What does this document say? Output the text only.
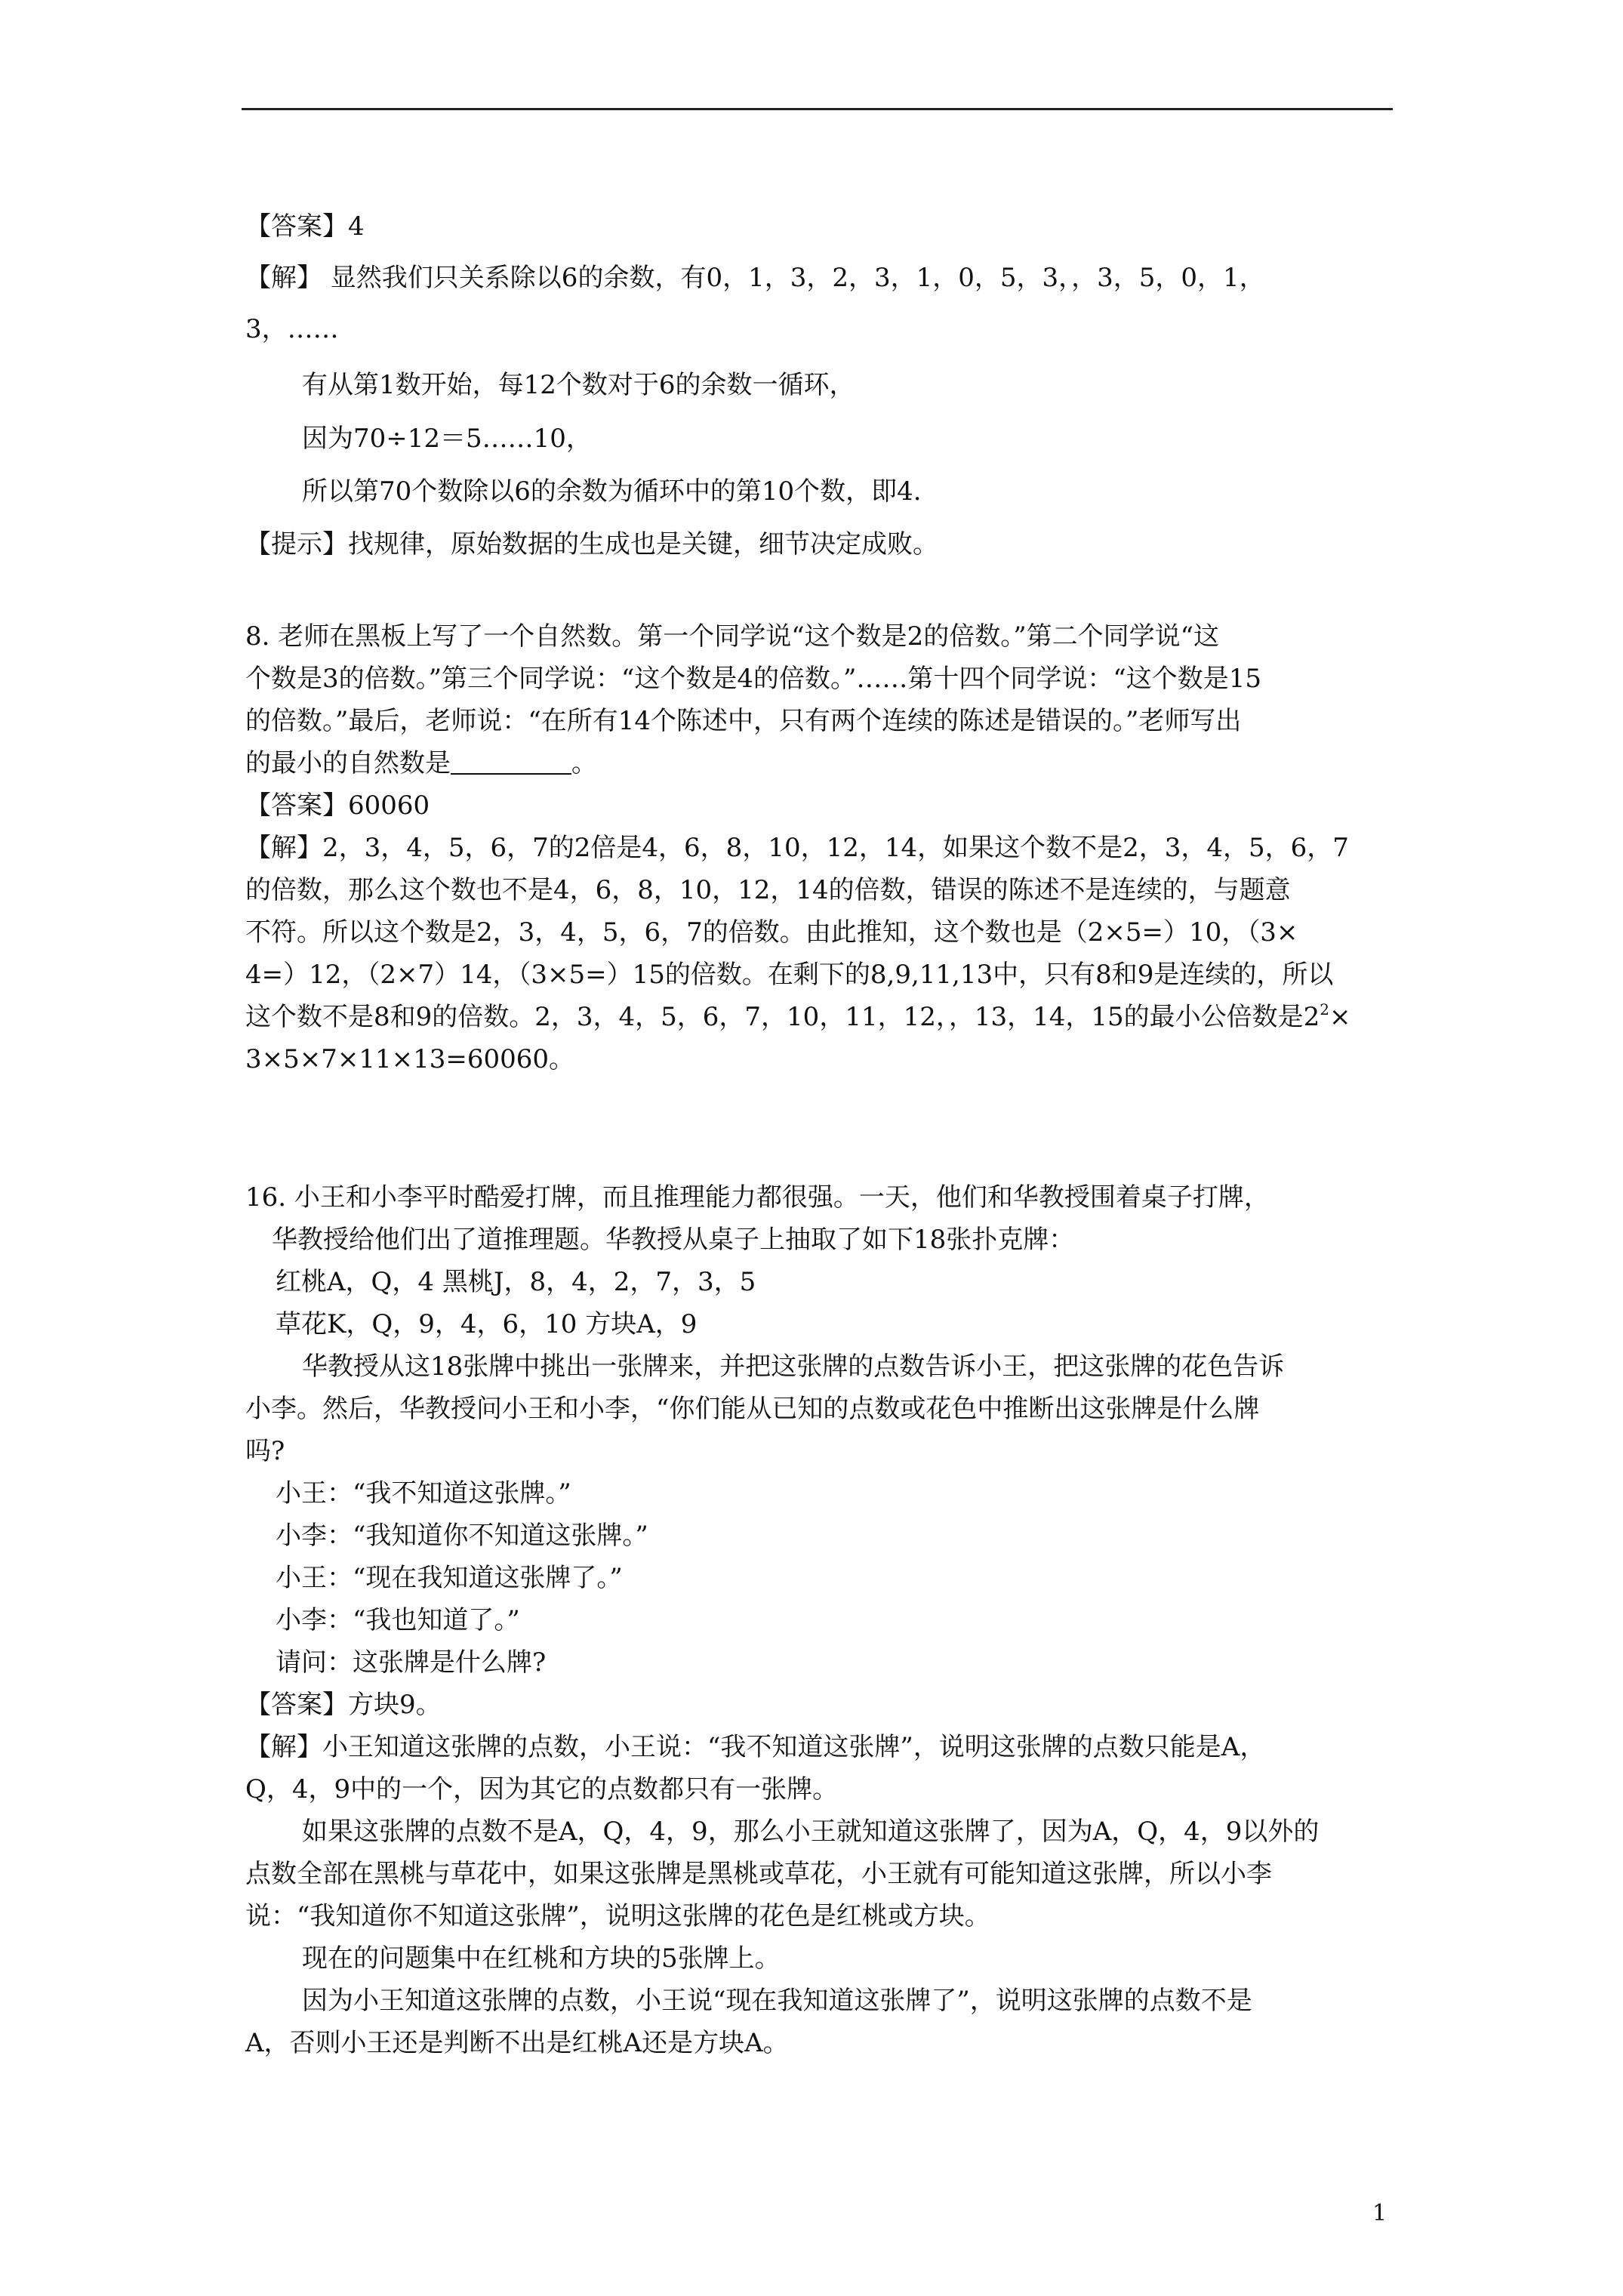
【答案】4
【解】 显然我们只关系除以6的余数，有0，1，3，2，3，1，0，5，3，，3，5，0，1，
3，……
有从第1数开始，每12个数对于6的余数一循环，
因为70÷12＝5……10，
所以第70个数除以6的余数为循环中的第10个数，即4.
【提示】找规律，原始数据的生成也是关键，细节决定成败。
8. 老师在黑板上写了一个自然数。第一个同学说“这个数是2的倍数。”第二个同学说“这
个数是3的倍数。”第三个同学说：“这个数是4的倍数。”……第十四个同学说：“这个数是15
的倍数。”最后，老师说：“在所有14个陈述中，只有两个连续的陈述是错误的。”老师写出
的最小的自然数是	。
【答案】60060
【解】2，3，4，5，6，7的2倍是4，6，8，10，12，14，如果这个数不是2，3，4，5，6，7
的倍数，那么这个数也不是4，6，8，10，12，14的倍数，错误的陈述不是连续的，与题意
不符。所以这个数是2，3，4，5，6，7的倍数。由此推知，这个数也是（2×5=）10，（3×
4=）12，（2×7）14，（3×5=）15的倍数。在剩下的8,9,11,13中，只有8和9是连续的，所以
这个数不是8和9的倍数。2，3，4，5，6，7，10，11，12，，13，14，15的最小公倍数是$2^2\times$
3×5×7×11×13=60060。
16. 小王和小李平时酷爱打牌，而且推理能力都很强。一天，他们和华教授围着桌子打牌，
华教授给他们出了道推理题。华教授从桌子上抽取了如下18张扑克牌：
红桃A，Q，4 黑桃J，8，4，2，7，3，5
草花K，Q，9，4，6，10 方块A，9
华教授从这18张牌中挑出一张牌来，并把这张牌的点数告诉小王，把这张牌的花色告诉
小李。然后，华教授问小王和小李，“你们能从已知的点数或花色中推断出这张牌是什么牌
吗?
小王：“我不知道这张牌。”
小李：“我知道你不知道这张牌。”
小王：“现在我知道这张牌了。”
小李：“我也知道了。”
请问：这张牌是什么牌?
【答案】方块9。
【解】小王知道这张牌的点数，小王说：“我不知道这张牌”，说明这张牌的点数只能是A，
Q，4，9中的一个，因为其它的点数都只有一张牌。
如果这张牌的点数不是A，Q，4，9，那么小王就知道这张牌了，因为A，Q，4，9以外的
点数全部在黑桃与草花中，如果这张牌是黑桃或草花，小王就有可能知道这张牌，所以小李
说：“我知道你不知道这张牌”，说明这张牌的花色是红桃或方块。
现在的问题集中在红桃和方块的5张牌上。
因为小王知道这张牌的点数，小王说“现在我知道这张牌了”，说明这张牌的点数不是
A，否则小王还是判断不出是红桃A还是方块A。
1
